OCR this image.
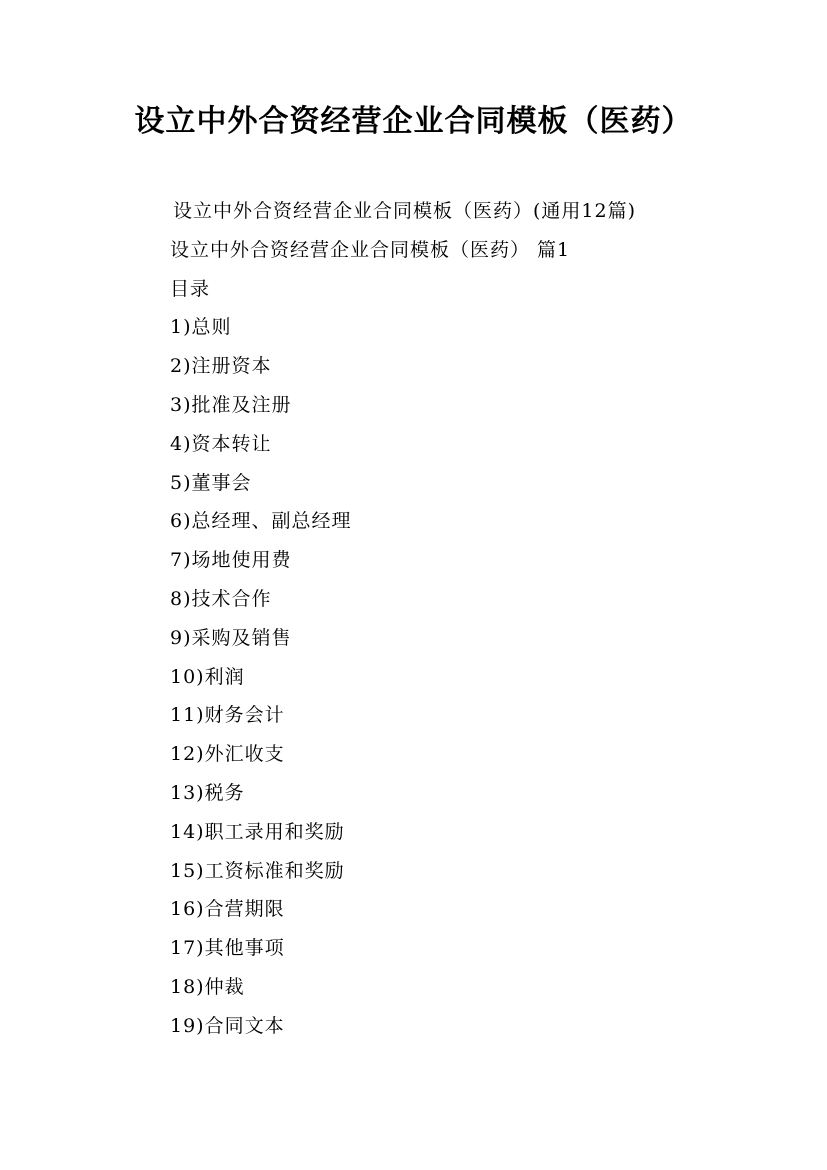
设立中外合资经营企业合同模板（医药）
设立中外合资经营企业合同模板（医药）(通用12篇)
设立中外合资经营企业合同模板（医药） 篇1
目录
1)总则
2)注册资本
3)批准及注册
4)资本转让
5)董事会
6)总经理、副总经理
7)场地使用费
8)技术合作
9)采购及销售
10)利润
11)财务会计
12)外汇收支
13)税务
14)职工录用和奖励
15)工资标准和奖励
16)合营期限
17)其他事项
18)仲裁
19)合同文本
